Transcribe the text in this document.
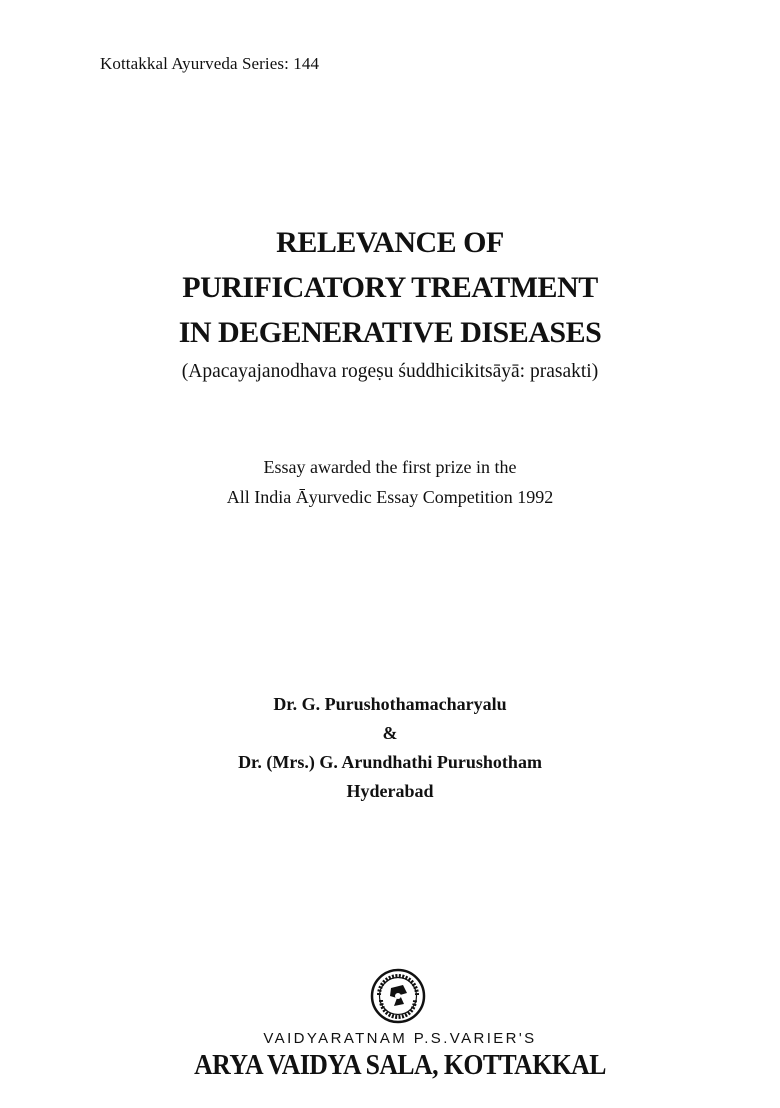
Kottakkal Ayurveda Series: 144
RELEVANCE OF
PURIFICATORY TREATMENT
IN DEGENERATIVE DISEASES
(Apacayajanodhava rogeṣu śuddhicikitsāyā: prasakti)
Essay awarded the first prize in the
All India Āyurvedic Essay Competition 1992
Dr. G. Purushothamacharyalu
&
Dr. (Mrs.) G. Arundhathi Purushotham
Hyderabad
VAIDYARATNAM P.S.VARIER'S
ARYA VAIDYA SALA, KOTTAKKAL
